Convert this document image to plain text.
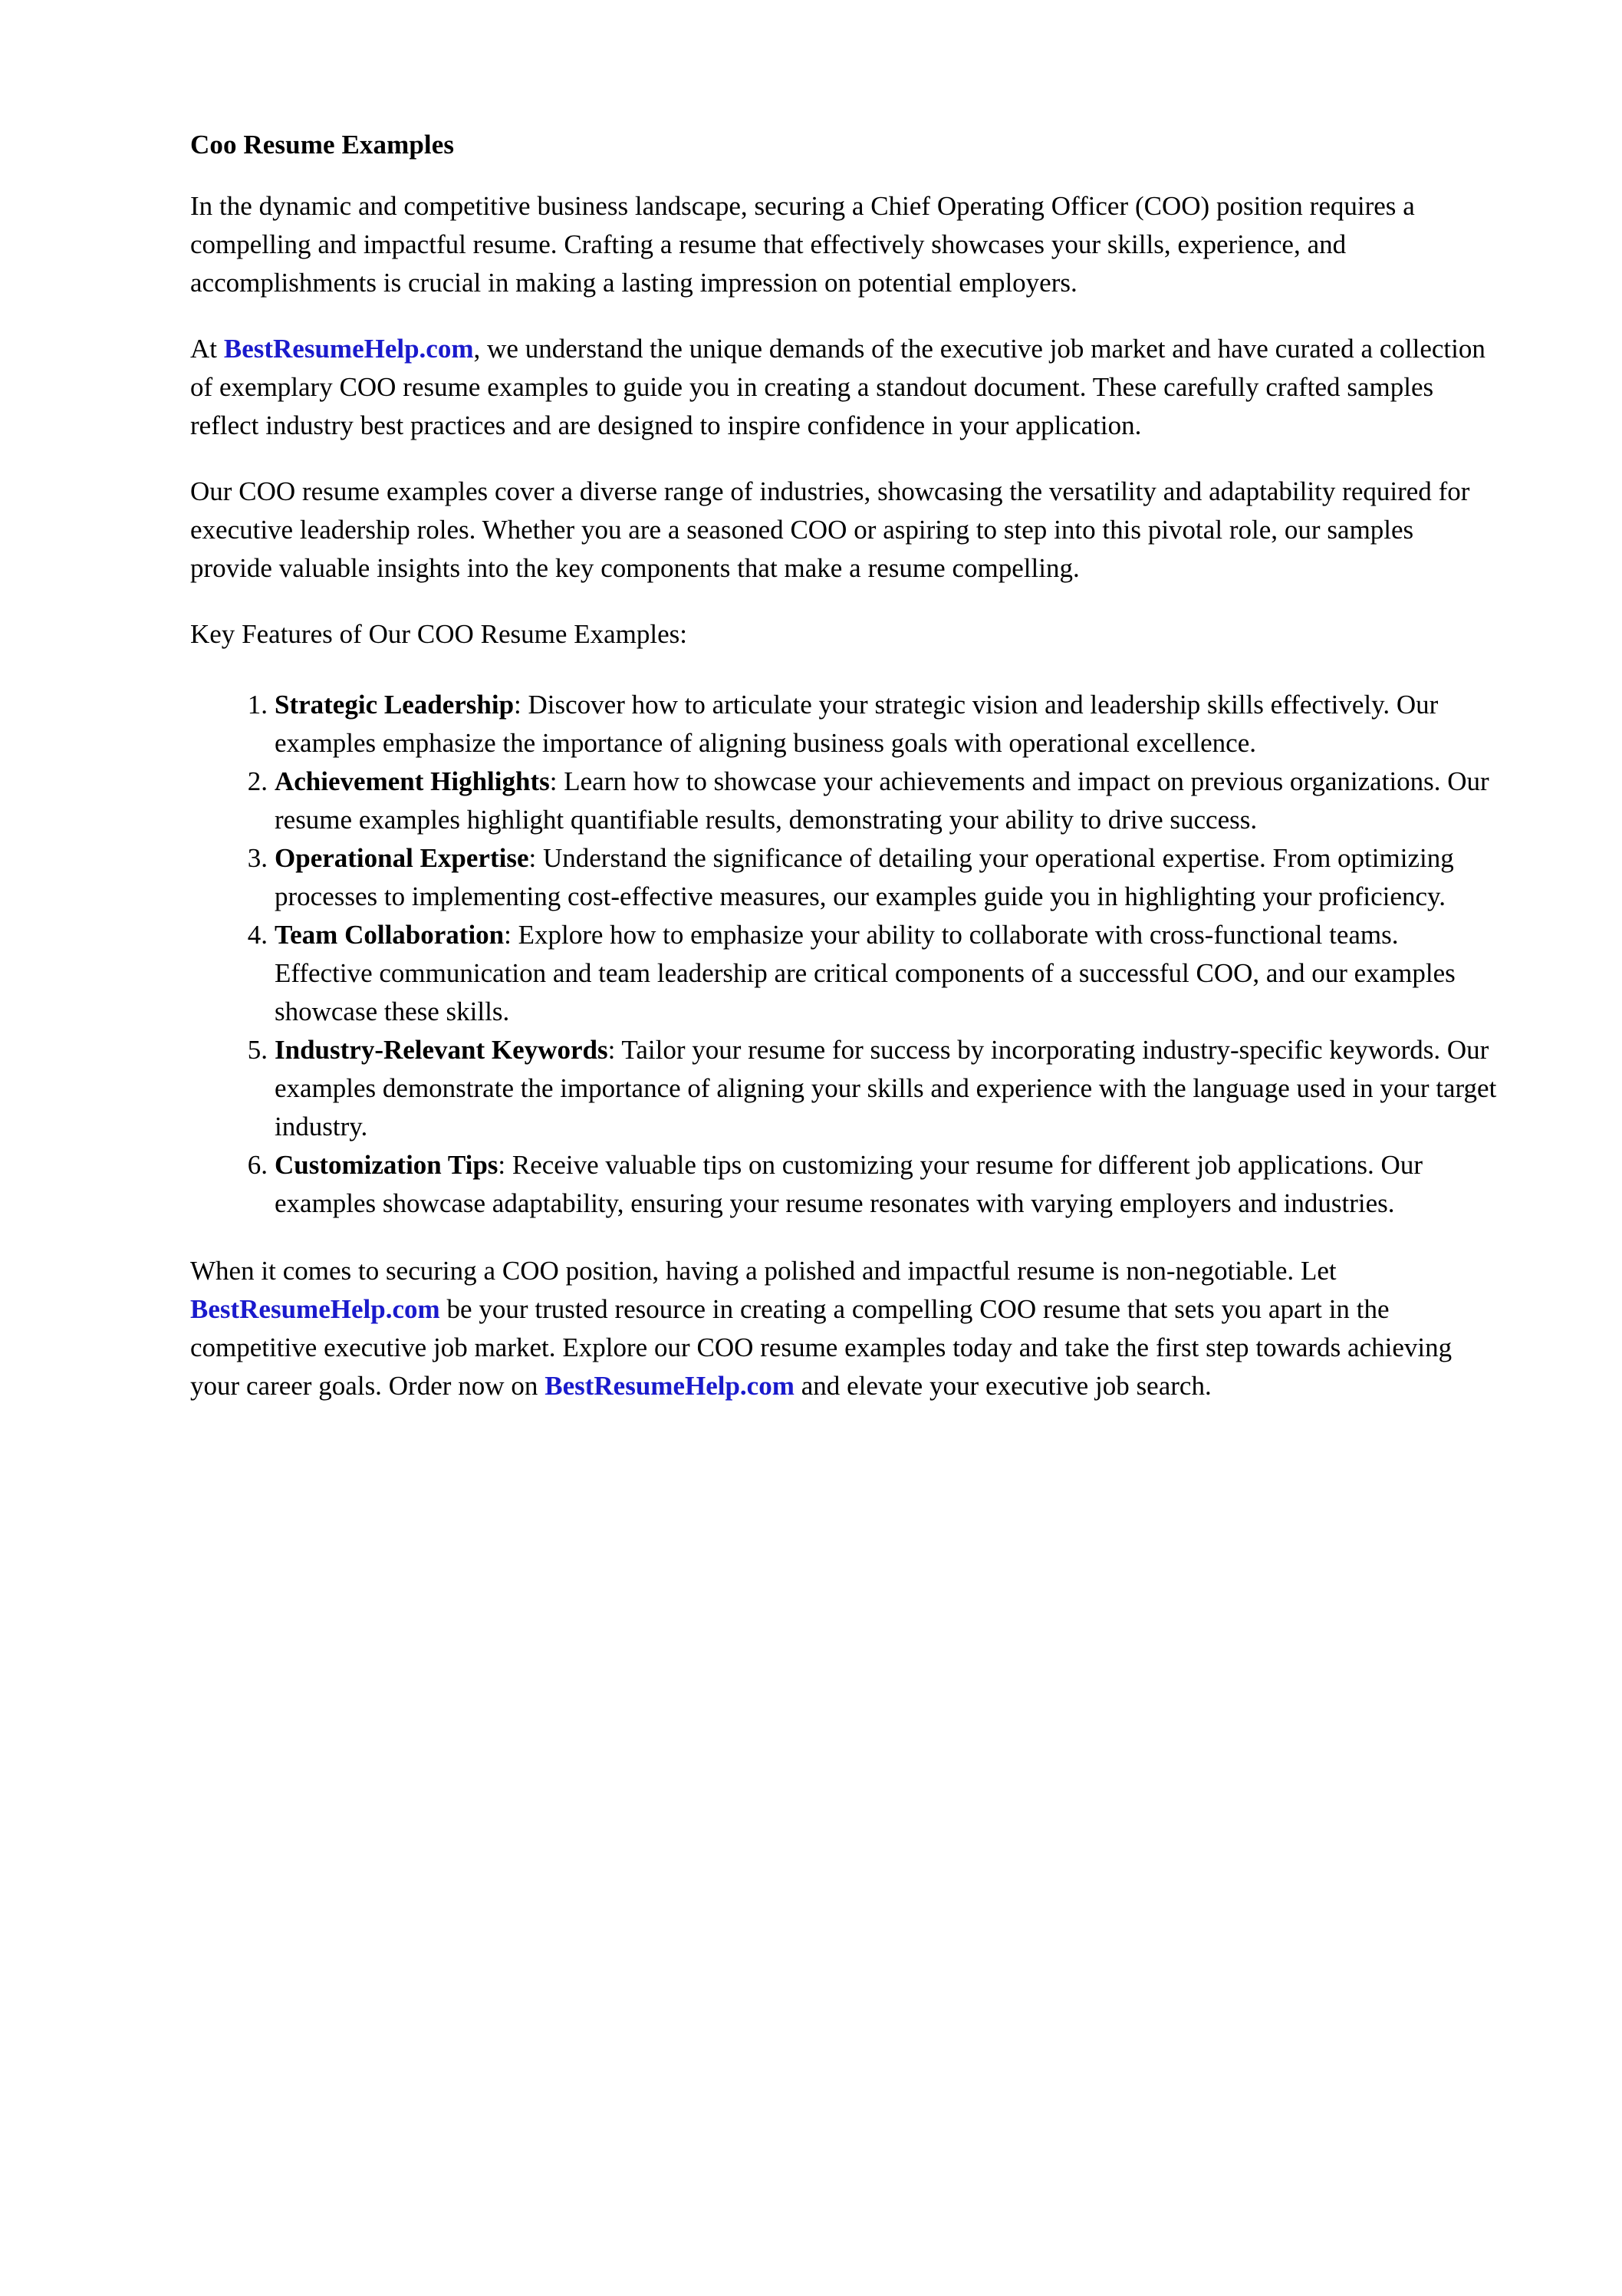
Coo Resume Examples

In the dynamic and competitive business landscape, securing a Chief Operating Officer (COO) position requires a compelling and impactful resume. Crafting a resume that effectively showcases your skills, experience, and accomplishments is crucial in making a lasting impression on potential employers.

At BestResumeHelp.com, we understand the unique demands of the executive job market and have curated a collection of exemplary COO resume examples to guide you in creating a standout document. These carefully crafted samples reflect industry best practices and are designed to inspire confidence in your application.

Our COO resume examples cover a diverse range of industries, showcasing the versatility and adaptability required for executive leadership roles. Whether you are a seasoned COO or aspiring to step into this pivotal role, our samples provide valuable insights into the key components that make a resume compelling.

Key Features of Our COO Resume Examples:

Strategic Leadership: Discover how to articulate your strategic vision and leadership skills effectively. Our examples emphasize the importance of aligning business goals with operational excellence.
Achievement Highlights: Learn how to showcase your achievements and impact on previous organizations. Our resume examples highlight quantifiable results, demonstrating your ability to drive success.
Operational Expertise: Understand the significance of detailing your operational expertise. From optimizing processes to implementing cost-effective measures, our examples guide you in highlighting your proficiency.
Team Collaboration: Explore how to emphasize your ability to collaborate with cross-functional teams. Effective communication and team leadership are critical components of a successful COO, and our examples showcase these skills.
Industry-Relevant Keywords: Tailor your resume for success by incorporating industry-specific keywords. Our examples demonstrate the importance of aligning your skills and experience with the language used in your target industry.
Customization Tips: Receive valuable tips on customizing your resume for different job applications. Our examples showcase adaptability, ensuring your resume resonates with varying employers and industries.

When it comes to securing a COO position, having a polished and impactful resume is non-negotiable. Let BestResumeHelp.com be your trusted resource in creating a compelling COO resume that sets you apart in the competitive executive job market. Explore our COO resume examples today and take the first step towards achieving your career goals. Order now on BestResumeHelp.com and elevate your executive job search.
